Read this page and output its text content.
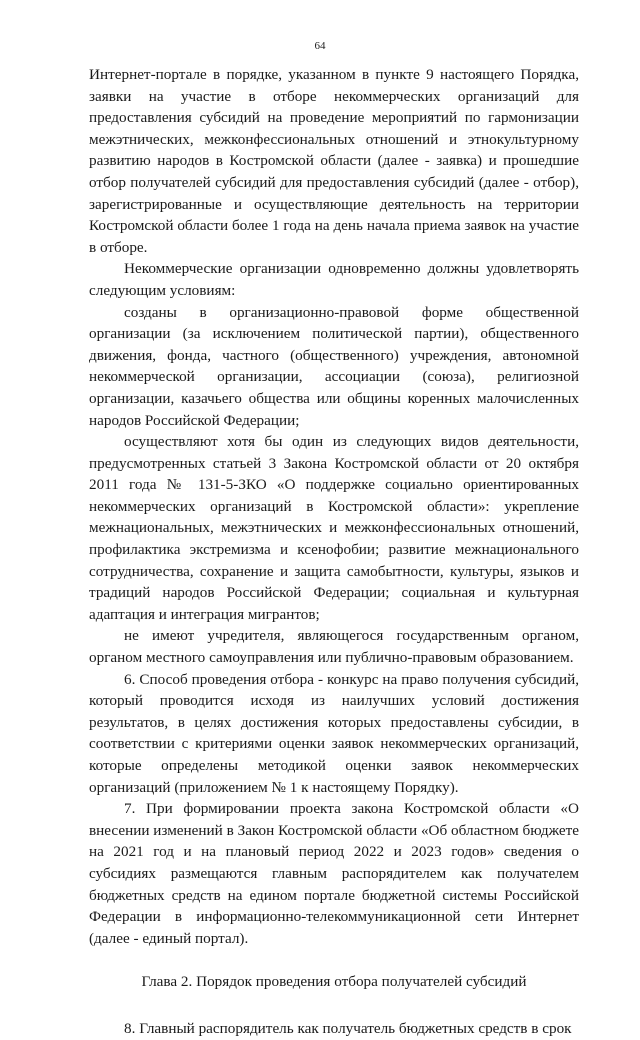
64

Интернет-портале в порядке, указанном в пункте 9 настоящего Порядка, заявки на участие в отборе некоммерческих организаций для предоставления субсидий на проведение мероприятий по гармонизации межэтнических, межконфессиональных отношений и этнокультурному развитию народов в Костромской области (далее - заявка) и прошедшие отбор получателей субсидий для предоставления субсидий (далее - отбор), зарегистрированные и осуществляющие деятельность на территории Костромской области более 1 года на день начала приема заявок на участие в отборе.

Некоммерческие организации одновременно должны удовлетворять следующим условиям:

созданы в организационно-правовой форме общественной организации (за исключением политической партии), общественного движения, фонда, частного (общественного) учреждения, автономной некоммерческой организации, ассоциации (союза), религиозной организации, казачьего общества или общины коренных малочисленных народов Российской Федерации;

осуществляют хотя бы один из следующих видов деятельности, предусмотренных статьей 3 Закона Костромской области от 20 октября 2011 года № 131-5-ЗКО «О поддержке социально ориентированных некоммерческих организаций в Костромской области»: укрепление межнациональных, межэтнических и межконфессиональных отношений, профилактика экстремизма и ксенофобии; развитие межнационального сотрудничества, сохранение и защита самобытности, культуры, языков и традиций народов Российской Федерации; социальная и культурная адаптация и интеграция мигрантов;

не имеют учредителя, являющегося государственным органом, органом местного самоуправления или публично-правовым образованием.

6. Способ проведения отбора - конкурс на право получения субсидий, который проводится исходя из наилучших условий достижения результатов, в целях достижения которых предоставлены субсидии, в соответствии с критериями оценки заявок некоммерческих организаций, которые определены методикой оценки заявок некоммерческих организаций (приложением № 1 к настоящему Порядку).

7. При формировании проекта закона Костромской области «О внесении изменений в Закон Костромской области «Об областном бюджете на 2021 год и на плановый период 2022 и 2023 годов» сведения о субсидиях размещаются главным распорядителем как получателем бюджетных средств на едином портале бюджетной системы Российской Федерации в информационно-телекоммуникационной сети Интернет (далее - единый портал).

Глава 2. Порядок проведения отбора получателей субсидий

8. Главный распорядитель как получатель бюджетных средств в срок
